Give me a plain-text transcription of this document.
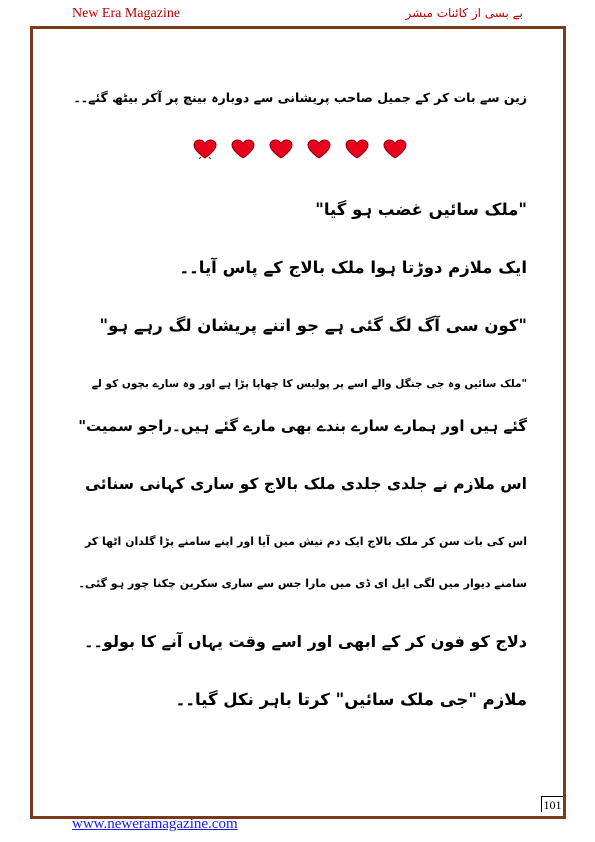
New Era Magazine	بے بسی از کائنات مبشر

زین سے بات کر کے جمیل صاحب پریشانی سے دوبارہ بینچ پر آکر بیٹھ گئے۔۔

"ملک سائیں غضب ہو گیا"

ایک ملازم دوڑتا ہوا ملک بالاج کے پاس آیا۔۔

"کون سی آگ لگ گئی ہے جو اتنے پریشان لگ رہے ہو"

"ملک سائیں وہ جی جنگل والے اسے پر پولیس کا چھاپا پڑا ہے اور وہ سارے بچوں کو لے

گئے ہیں اور ہمارے سارے بندے بھی مارے گئے ہیں۔راجو سمیت"

اس ملازم نے جلدی جلدی ملک بالاج کو ساری کہانی سنائی

اس کی بات سن کر ملک بالاج ایک دم تیش میں آیا اور اپنے سامنے پڑا گلدان اٹھا کر

سامنے دیوار میں لگی ایل ای ڈی میں مارا جس سے ساری سکرین چکنا چور ہو گئی۔

دلاج کو فون کر کے ابھی اور اسے وقت یہاں آنے کا بولو۔۔

ملازم "جی ملک سائیں" کرتا باہر نکل گیا۔۔

101
www.neweramagazine.com
